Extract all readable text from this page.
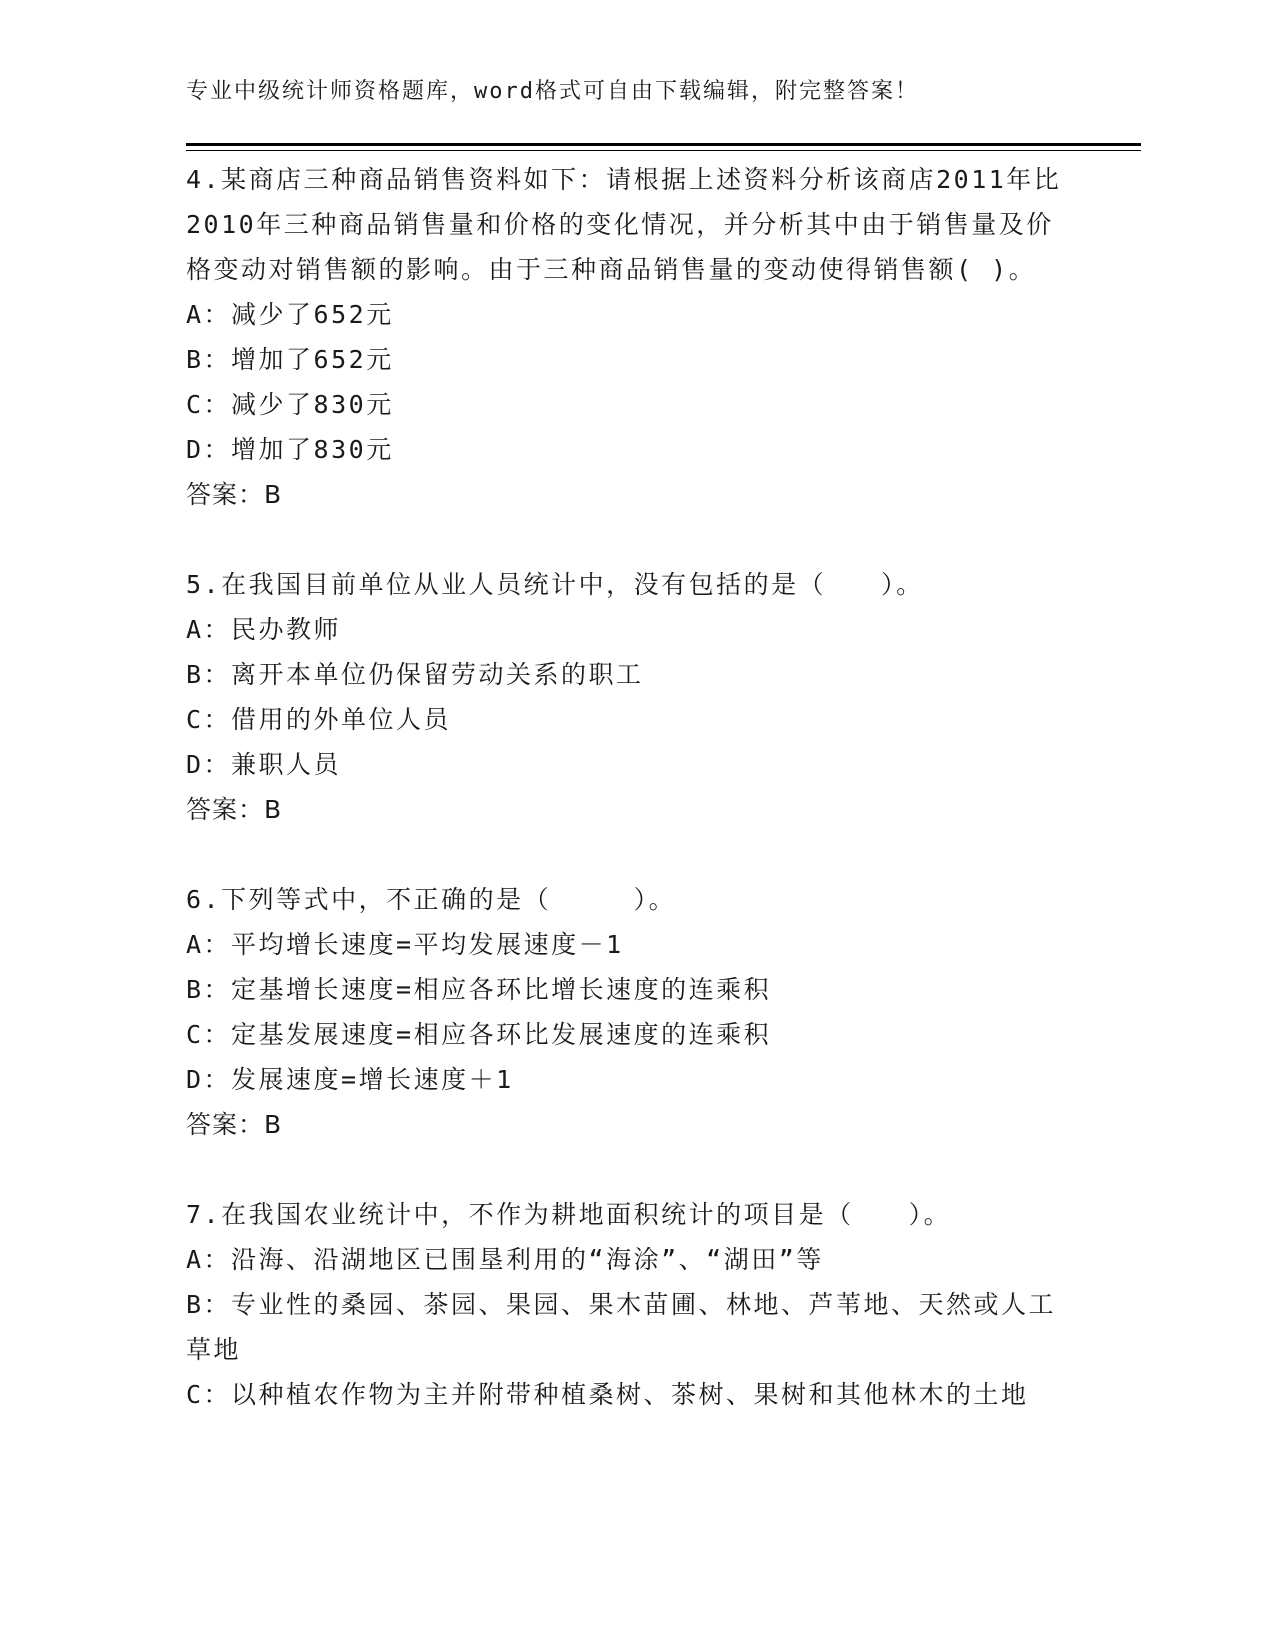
专业中级统计师资格题库，word格式可自由下载编辑，附完整答案！
4.某商店三种商品销售资料如下：请根据上述资料分析该商店2011年比2010年三种商品销售量和价格的变化情况，并分析其中由于销售量及价格变动对销售额的影响。由于三种商品销售量的变动使得销售额( )。
A：减少了652元
B：增加了652元
C：减少了830元
D：增加了830元
答案：B
5.在我国目前单位从业人员统计中，没有包括的是（　　）。
A：民办教师
B：离开本单位仍保留劳动关系的职工
C：借用的外单位人员
D：兼职人员
答案：B
6.下列等式中，不正确的是（　　　）。
A：平均增长速度=平均发展速度－1
B：定基增长速度=相应各环比增长速度的连乘积
C：定基发展速度=相应各环比发展速度的连乘积
D：发展速度=增长速度＋1
答案：B
7.在我国农业统计中，不作为耕地面积统计的项目是（　　）。
A：沿海、沿湖地区已围垦利用的“海涂”、“湖田”等
B：专业性的桑园、茶园、果园、果木苗圃、林地、芦苇地、天然或人工草地
C：以种植农作物为主并附带种植桑树、茶树、果树和其他林木的土地
